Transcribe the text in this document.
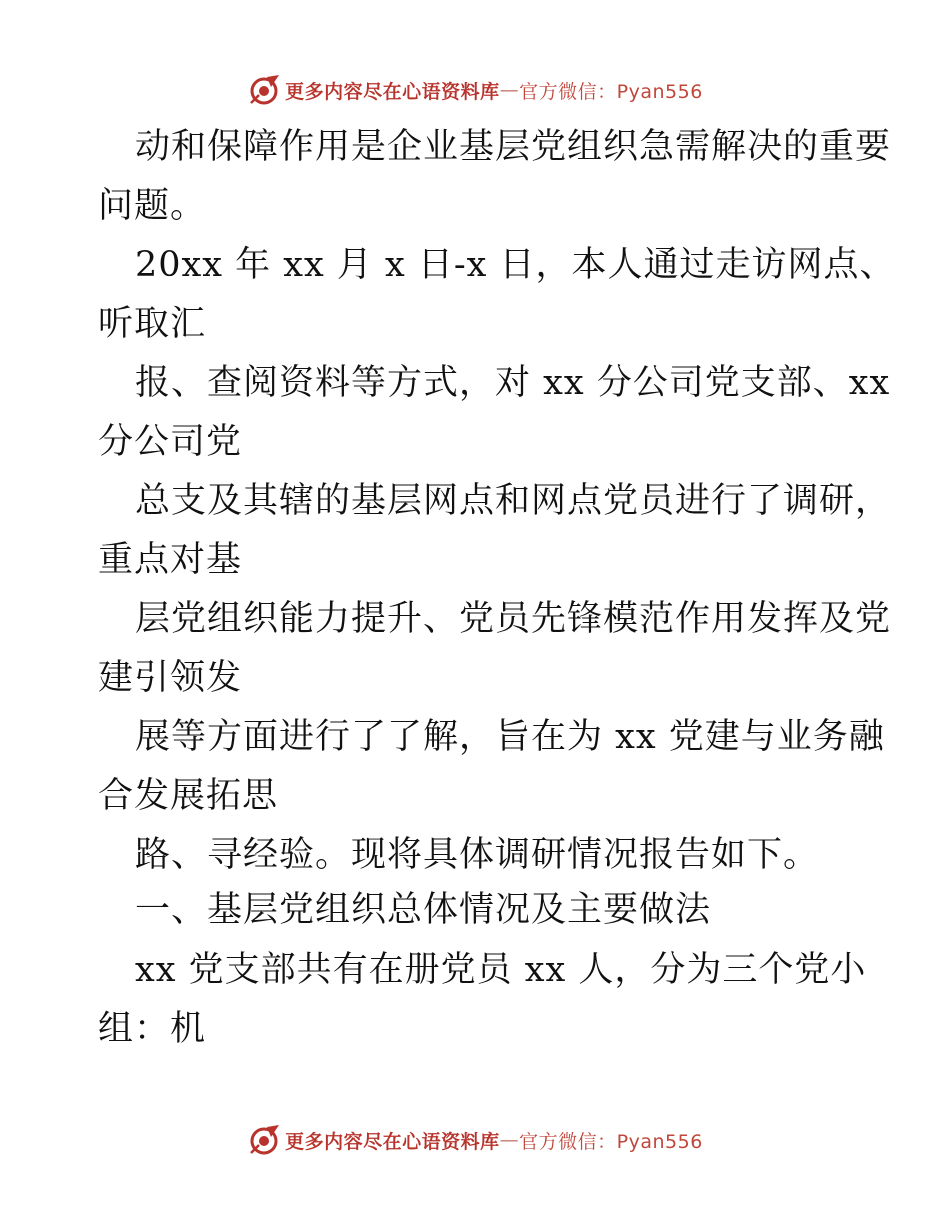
更多内容尽在心语资料库 — 官方微信：Pyan556
动和保障作用是企业基层党组织急需解决的重要
问题。
20xx 年 xx 月 x 日-x 日，本人通过走访网点、
听取汇
报、查阅资料等方式，对 xx 分公司党支部、xx
分公司党
总支及其辖的基层网点和网点党员进行了调研，
重点对基
层党组织能力提升、党员先锋模范作用发挥及党
建引领发
展等方面进行了了解，旨在为 xx 党建与业务融
合发展拓思
路、寻经验。现将具体调研情况报告如下。
一、基层党组织总体情况及主要做法
xx 党支部共有在册党员 xx 人，分为三个党小
组：机
更多内容尽在心语资料库 — 官方微信：Pyan556
